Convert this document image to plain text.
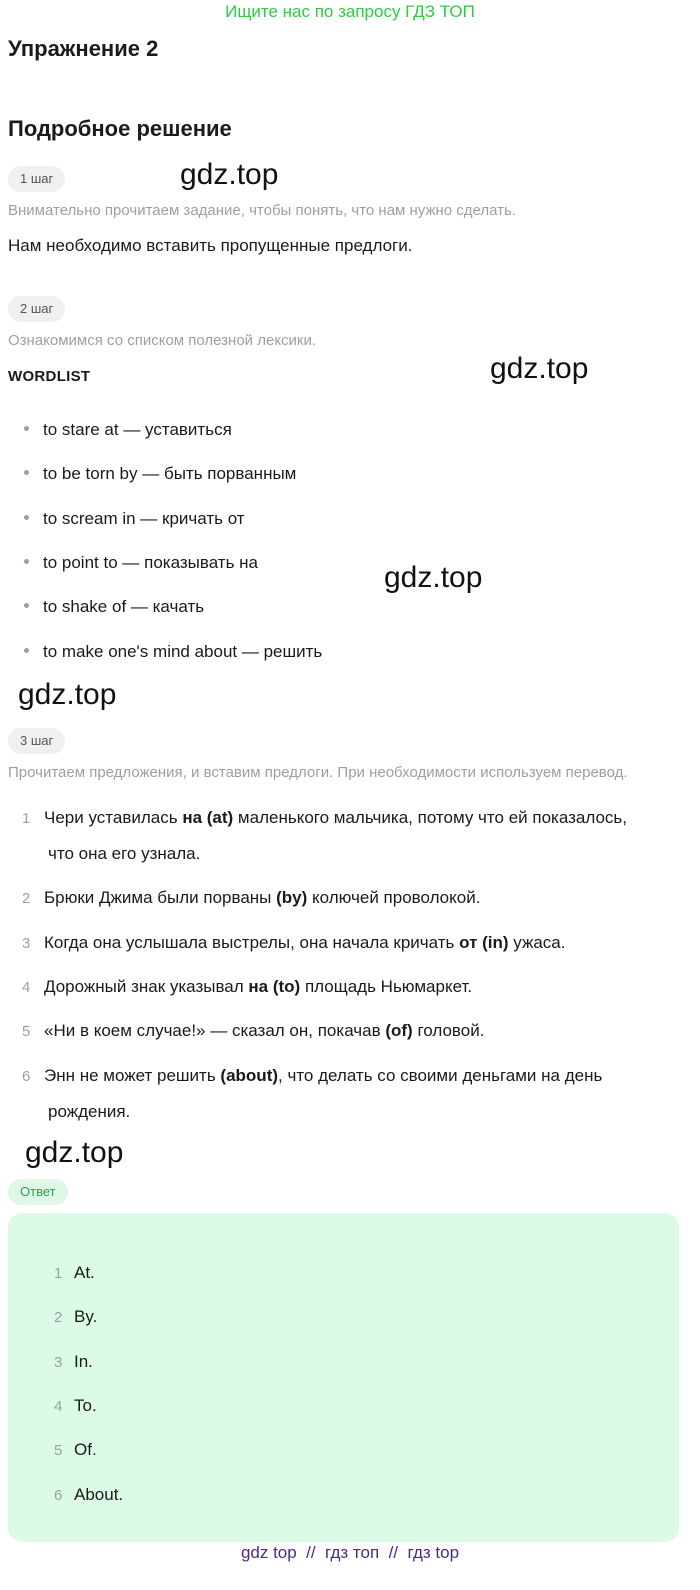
Ищите нас по запросу ГДЗ ТОП
Упражнение 2
Подробное решение
gdz.top
gdz.top
gdz.top
gdz.top
gdz.top
1 шаг
Внимательно прочитаем задание, чтобы понять, что нам нужно сделать.
Нам необходимо вставить пропущенные предлоги.
2 шаг
Ознакомимся со списком полезной лексики.
WORDLIST
to stare at — уставиться
to be torn by — быть порванным
to scream in — кричать от
to point to — показывать на
to shake of — качать
to make one's mind about — решить
3 шаг
Прочитаем предложения, и вставим предлоги. При необходимости используем перевод.
1 Чери уставилась на (at) маленького мальчика, потому что ей показалось,
что она его узнала.
2 Брюки Джима были порваны (by) колючей проволокой.
3 Когда она услышала выстрелы, она начала кричать от (in) ужаса.
4 Дорожный знак указывал на (to) площадь Ньюмаркет.
5 «Ни в коем случае!» — сказал он, покачав (of) головой.
6 Энн не может решить (about), что делать со своими деньгами на день
рождения.
Ответ
1 At.
2 By.
3 In.
4 To.
5 Of.
6 About.
gdz top  //  гдз топ  //  гдз top
